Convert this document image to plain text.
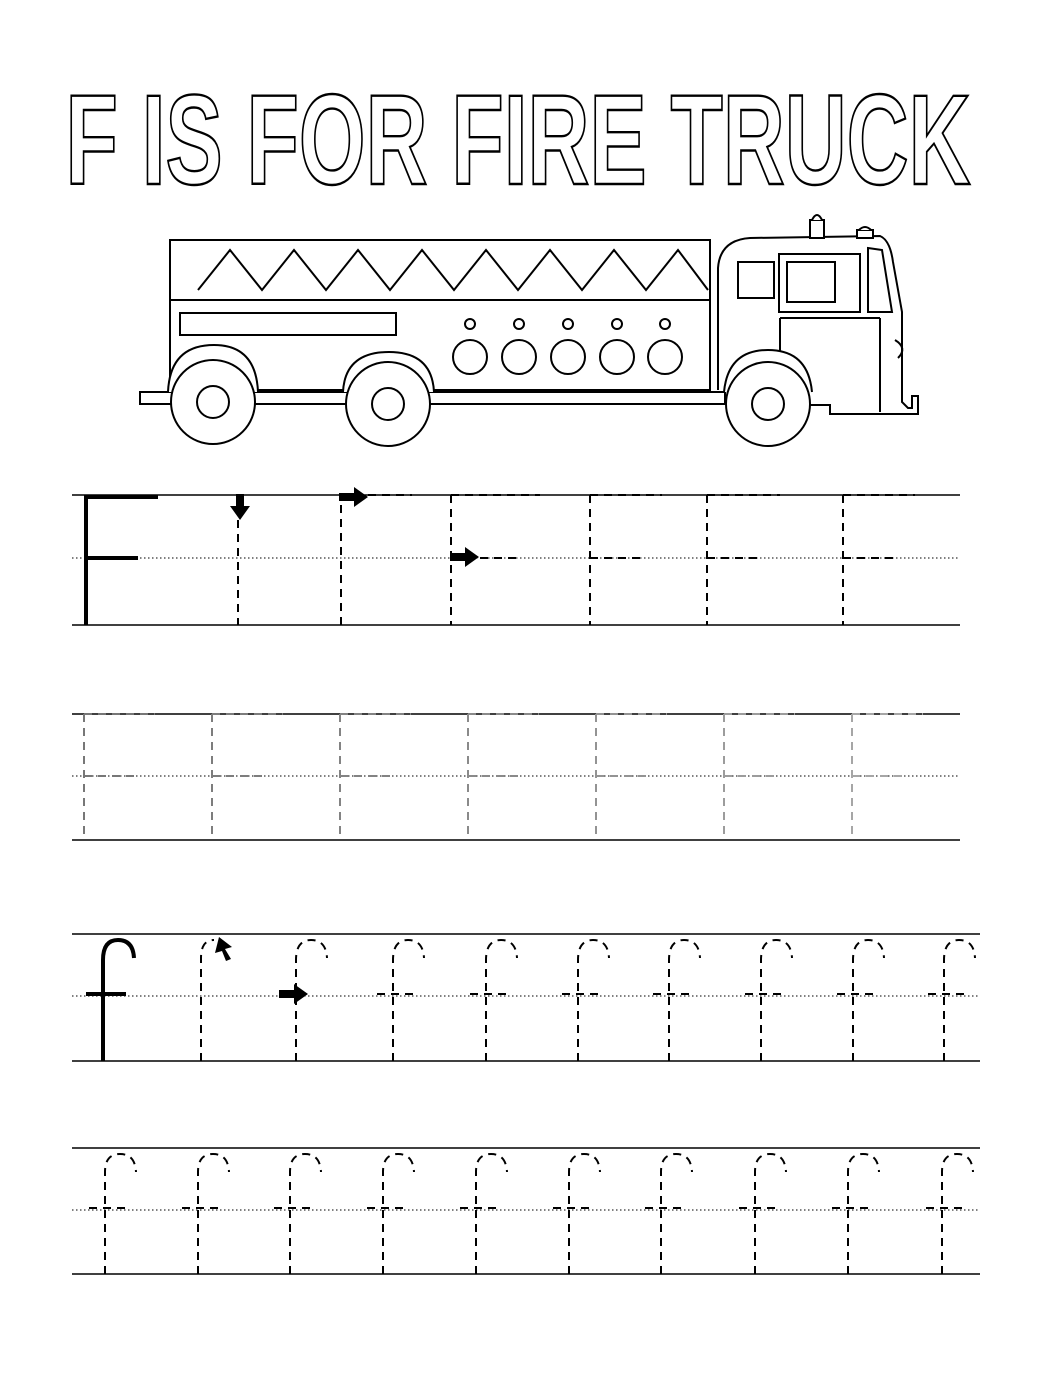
F IS FOR FIRE TRUCK
